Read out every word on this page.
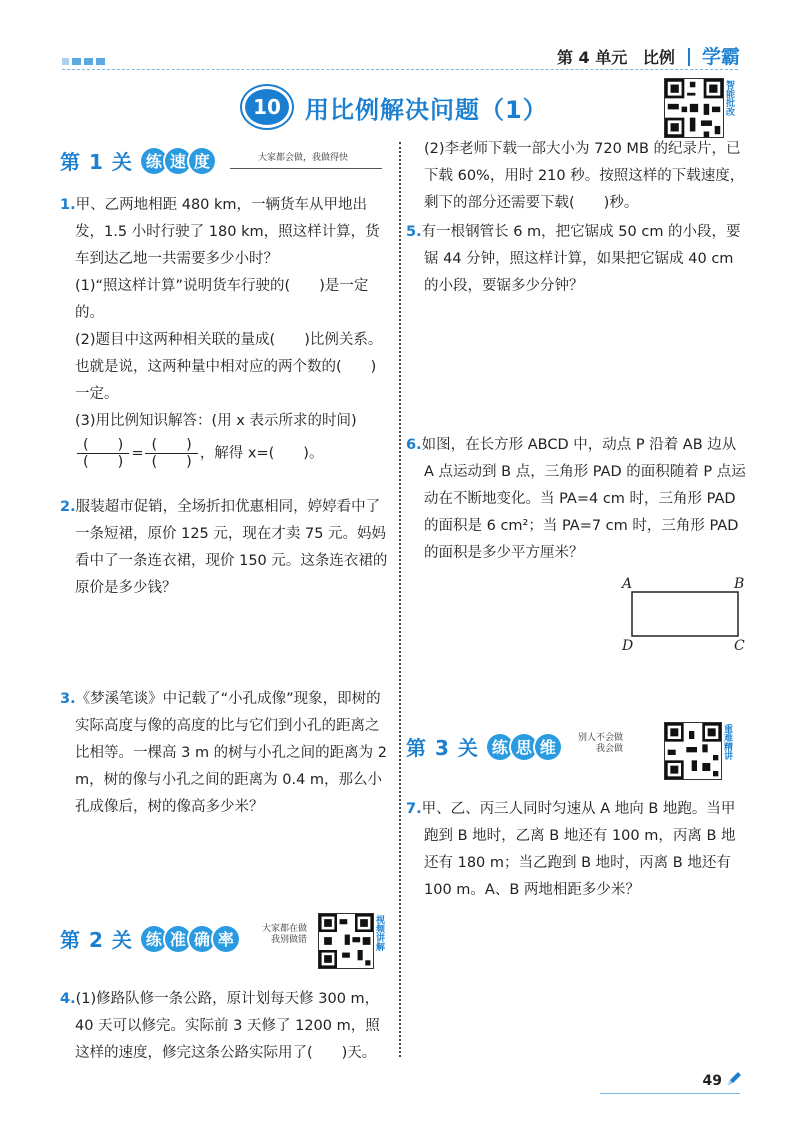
第 4 单元 比例 学霸
10	用比例解决问题（1）	智能批改
第 1 关 练 速 度	大家都会做，我做得快

1.甲、乙两地相距 480 km，一辆货车从甲地出发，1.5 小时行驶了 180 km，照这样计算，货车到达乙地一共需要多少小时？

(1)“照这样计算”说明货车行驶的(　　)是一定的。

(2)题目中这两种相关联的量成(　　)比例关系。也就是说，这两种量中相对应的两个数的(　　)一定。

(3)用比例知识解答：(用 x 表示所求的时间)

$\frac{( )}{( )} = \frac{( )}{( )}$ ，解得 x=(　　)。

2.服装超市促销，全场折扣优惠相同，婷婷看中了一条短裙，原价 125 元，现在才卖 75 元。妈妈看中了一条连衣裙，现价 150 元。这条连衣裙的原价是多少钱？

3.《梦溪笔谈》中记载了“小孔成像”现象，即树的实际高度与像的高度的比与它们到小孔的距离之比相等。一棵高 3 m 的树与小孔之间的距离为 2 m，树的像与小孔之间的距离为 0.4 m，那么小孔成像后，树的像高多少米？

第 2 关 练 准 确 率
大家都在做
我别做错	视频讲解

4.(1)修路队修一条公路，原计划每天修 300 m，40 天可以修完。实际前 3 天修了 1200 m，照这样的速度，修完这条公路实际用了(　　)天。

(2)李老师下载一部大小为 720 MB 的纪录片，已下载 60%，用时 210 秒。按照这样的下载速度，剩下的部分还需要下载(　　)秒。

5.有一根钢管长 6 m，把它锯成 50 cm 的小段，要锯 44 分钟，照这样计算，如果把它锯成 40 cm 的小段，要锯多少分钟？

6.如图，在长方形 ABCD 中，动点 P 沿着 AB 边从 A 点运动到 B 点，三角形 PAD 的面积随着 P 点运动在不断地变化。当 PA=4 cm 时，三角形 PAD 的面积是 6 cm²；当 PA=7 cm 时，三角形 PAD 的面积是多少平方厘米？

A	B
C
D
第 3 关 练 思 维	别人不会做
我会做	重难精讲

7.甲、乙、丙三人同时匀速从 A 地向 B 地跑。当甲跑到 B 地时，乙离 B 地还有 100 m，丙离 B 地还有 180 m；当乙跑到 B 地时，丙离 B 地还有 100 m。A、B 两地相距多少米？

49
